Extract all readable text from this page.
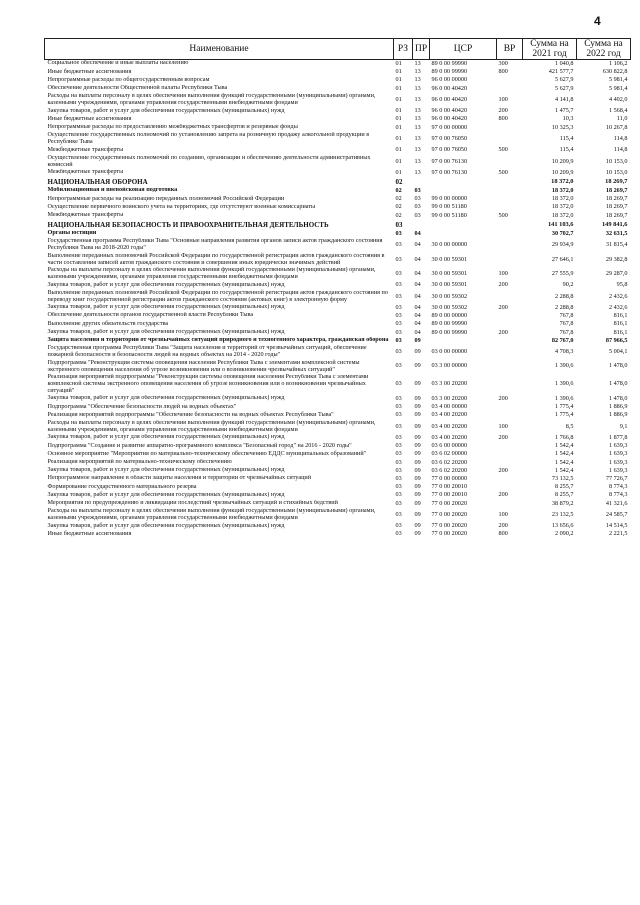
4
Наименование	РЗ	ПР	ЦСР	ВР	Сумма на 2021 год	Сумма на 2022 год
Социальное обеспечение и иные выплаты населению	01	13	89 0 00 99990	300	1 040,8	1 106,2
Иные бюджетные ассигнования	01	13	89 0 00 99990	800	421 577,7	630 822,8
Непрограммные расходы по общегосударственным вопросам	01	13	96 0 00 00000		5 627,9	5 981,4
Обеспечение деятельности Общественной палаты Республики Тыва	01	13	96 0 00 40420		5 627,9	5 981,4
Расходы на выплаты персоналу в целях обеспечения выполнения функций государственными (муниципальными) органами, казенными учреждениями, органами управления государственными внебюджетными фондами	01	13	96 0 00 40420	100	4 141,8	4 402,0
Закупка товаров, работ и услуг для обеспечения государственных (муниципальных) нужд	01	13	96 0 00 40420	200	1 475,7	1 568,4
Иные бюджетные ассигнования	01	13	96 0 00 40420	800	10,3	11,0
Непрограммные расходы по предоставлению межбюджетных трансфертов и резервные фонды	01	13	97 0 00 00000		10 325,3	10 267,8
Осуществление государственных полномочий по установлению запрета на розничную продажу алкогольной продукции в Республике Тыва	01	13	97 0 00 76050		115,4	114,8
Межбюджетные трансферты	01	13	97 0 00 76050	500	115,4	114,8
Осуществление государственных полномочий по созданию, организации и обеспечению деятельности административных комиссий	01	13	97 0 00 76130		10 209,9	10 153,0
Межбюджетные трансферты	01	13	97 0 00 76130	500	10 209,9	10 153,0
НАЦИОНАЛЬНАЯ ОБОРОНА	02				18 372,0	18 269,7
Мобилизационная и вневойсковая подготовка	02	03			18 372,0	18 269,7
Непрограммные расходы на реализацию переданных полномочий Российской Федерации	02	03	99 0 00 00000		18 372,0	18 269,7
Осуществление первичного воинского учета на территориях, где отсутствуют военные комиссариаты	02	03	99 0 00 51180		18 372,0	18 269,7
Межбюджетные трансферты	02	03	99 0 00 51180	500	18 372,0	18 269,7
НАЦИОНАЛЬНАЯ БЕЗОПАСНОСТЬ И ПРАВООХРАНИТЕЛЬНАЯ ДЕЯТЕЛЬНОСТЬ	03				141 103,6	149 841,6
Органы юстиции	03	04			30 702,7	32 631,5
Государственная программа Республики Тыва "Основные направления развития органов записи актов гражданского состояния Республики Тыва на 2018-2020 годы"	03	04	30 0 00 00000		29 934,9	31 815,4
Выполнение переданных полномочий Российской Федерации по государственной регистрации актов гражданского состояния в части составления записей актов гражданского состояния и совершения иных юридически значимых действий	03	04	30 0 00 59301		27 646,1	29 382,8
Расходы на выплаты персоналу в целях обеспечения выполнения функций государственными (муниципальными) органами, казенными учреждениями, органами управления государственными внебюджетными фондами	03	04	30 0 00 59301	100	27 555,9	29 287,0
Закупка товаров, работ и услуг для обеспечения государственных (муниципальных) нужд	03	04	30 0 00 59301	200	90,2	95,8
Выполнение переданных полномочий Российской Федерации по государственной регистрации актов гражданского состояния по переводу книг государственной регистрации актов гражданского состояния (актовых книг) в электронную форму	03	04	30 0 00 59302		2 288,8	2 432,6
Закупка товаров, работ и услуг для обеспечения государственных (муниципальных) нужд	03	04	30 0 00 59302	200	2 288,8	2 432,6
Обеспечение деятельности органов государственной власти Республики Тыва	03	04	89 0 00 00000		767,8	816,1
Выполнение других обязательств государства	03	04	89 0 00 99990		767,8	816,1
Закупка товаров, работ и услуг для обеспечения государственных (муниципальных) нужд	03	04	89 0 00 99990	200	767,8	816,1
Защита населения и территории от чрезвычайных ситуаций природного и техногенного характера, гражданская оборона	03	09			82 767,0	87 966,5
Государственная программа Республики Тыва "Защита населения и территорий от чрезвычайных ситуаций, обеспечение пожарной безопасности и безопасности людей на водных объектах на 2014 - 2020 годы"	03	09	03 0 00 00000		4 708,3	5 004,1
Подпрограмма "Реконструкция системы оповещения населения Республики Тыва с элементами комплексной системы экстренного оповещения населения об угрозе возникновения или о возникновении чрезвычайных ситуаций"	03	09	03 3 00 00000		1 390,6	1 478,0
Реализация мероприятий подпрограммы "Реконструкция системы оповещения населения Республики Тыва с элементами комплексной системы экстренного оповещения населения об угрозе возникновения или о возникновении чрезвычайных ситуаций"	03	09	03 3 00 20200		1 390,6	1 478,0
Закупка товаров, работ и услуг для обеспечения государственных (муниципальных) нужд	03	09	03 3 00 20200	200	1 390,6	1 478,0
Подпрограмма "Обеспечение безопасности людей на водных объектах"	03	09	03 4 00 00000		1 775,4	1 886,9
Реализация мероприятий подпрограммы "Обеспечение безопасности на водных объектах Республики Тыва"	03	09	03 4 00 20200		1 775,4	1 886,9
Расходы на выплаты персоналу в целях обеспечения выполнения функций государственными (муниципальными) органами, казенными учреждениями, органами управления государственными внебюджетными фондами	03	09	03 4 00 20200	100	8,5	9,1
Закупка товаров, работ и услуг для обеспечения государственных (муниципальных) нужд	03	09	03 4 00 20200	200	1 766,8	1 877,8
Подпрограмма "Создание и развитие аппаратно-программного комплекса "Безопасный город" на 2016 - 2020 годы"	03	09	03 6 00 00000		1 542,4	1 639,3
Основное мероприятие "Мероприятия по материально-техническому обеспечению ЕДДС муниципальных образований"	03	09	03 6 02 00000		1 542,4	1 639,3
Реализация мероприятий по материально-техническому обеспечению	03	09	03 6 02 20200		1 542,4	1 639,3
Закупка товаров, работ и услуг для обеспечения государственных (муниципальных) нужд	03	09	03 6 02 20200	200	1 542,4	1 639,3
Непрограммное направление в области защиты населения и территории от чрезвычайных ситуаций	03	09	77 0 00 00000		73 132,5	77 726,7
Формирование государственного материального резерва	03	09	77 0 00 20010		8 255,7	8 774,3
Закупка товаров, работ и услуг для обеспечения государственных (муниципальных) нужд	03	09	77 0 00 20010	200	8 255,7	8 774,3
Мероприятия по предупреждению и ликвидации последствий чрезвычайных ситуаций и стихийных бедствий	03	09	77 0 00 20020		38 879,2	41 321,6
Расходы на выплаты персоналу в целях обеспечения выполнения функций государственными (муниципальными) органами, казенными учреждениями, органами управления государственными внебюджетными фондами	03	09	77 0 00 20020	100	23 132,5	24 585,7
Закупка товаров, работ и услуг для обеспечения государственных (муниципальных) нужд	03	09	77 0 00 20020	200	13 656,6	14 514,5
Иные бюджетные ассигнования	03	09	77 0 00 20020	800	2 090,2	2 221,5
